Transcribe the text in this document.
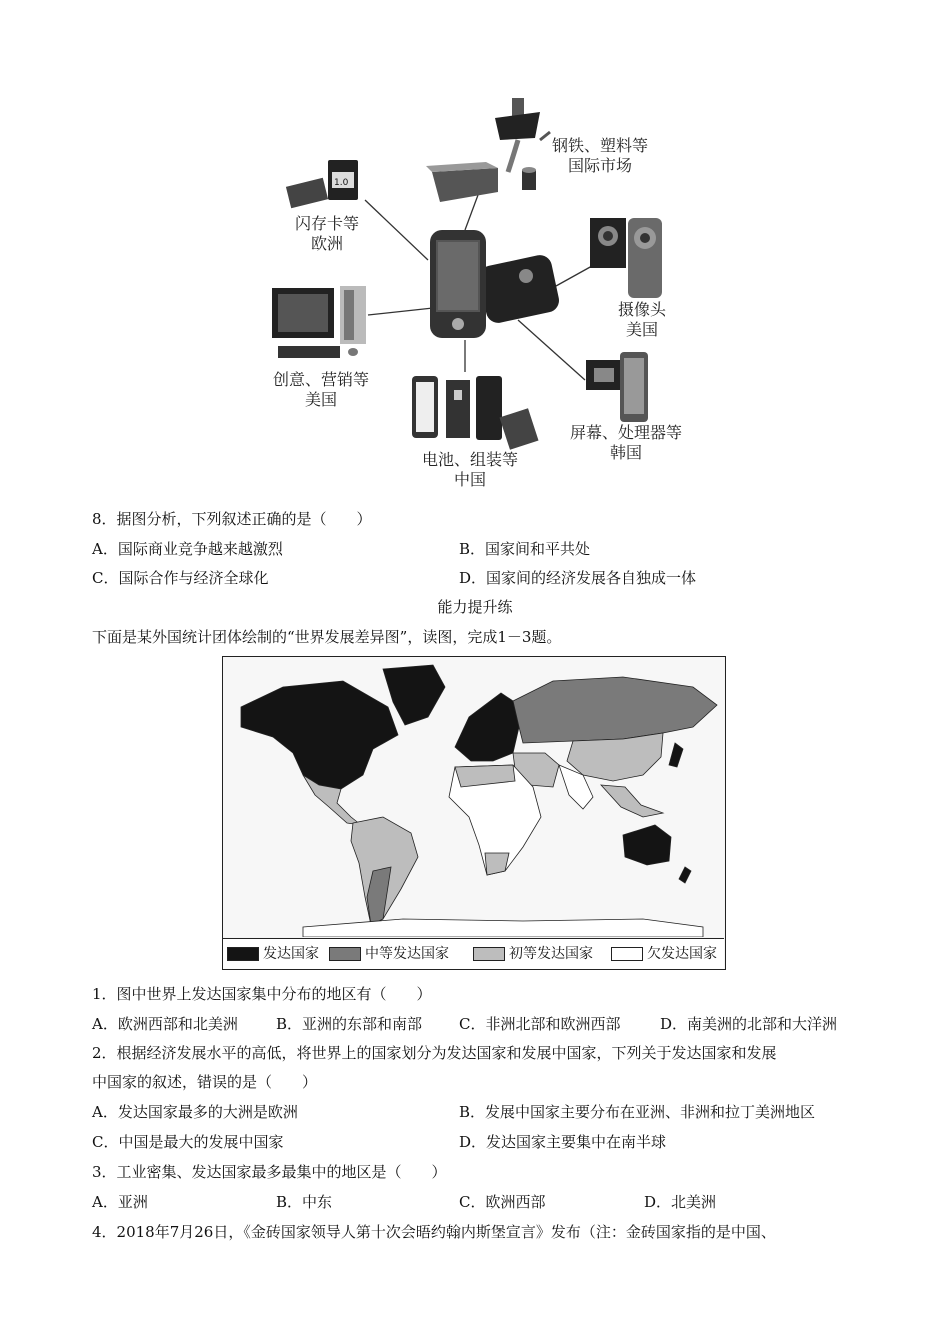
1.0
钢铁、塑料等
国际市场
闪存卡等
欧洲
摄像头
美国
创意、营销等
美国
屏幕、处理器等
韩国
电池、组装等
中国
8．据图分析，下列叙述正确的是（　　）
A．国际商业竞争越来越激烈	B．国家间和平共处
C．国际合作与经济全球化	D．国家间的经济发展各自独成一体
能力提升练
下面是某外国统计团体绘制的“世界发展差异图”，读图，完成1－3题。
发达国家	中等发达国家	初等发达国家	欠发达国家
1．图中世界上发达国家集中分布的地区有（　　）
A．欧洲西部和北美洲	B．亚洲的东部和南部 C．非洲北部和欧洲西部	D．南美洲的北部和大洋洲
2．根据经济发展水平的高低，将世界上的国家划分为发达国家和发展中国家，下列关于发达国家和发展
中国家的叙述，错误的是（　　）
A．发达国家最多的大洲是欧洲	B．发展中国家主要分布在亚洲、非洲和拉丁美洲地区
C．中国是最大的发展中国家	D．发达国家主要集中在南半球
3．工业密集、发达国家最多最集中的地区是（　　）
A．亚洲	B．中东	C．欧洲西部	D．北美洲
4．2018年7月26日，《金砖国家领导人第十次会晤约翰内斯堡宣言》发布（注：金砖国家指的是中国、
